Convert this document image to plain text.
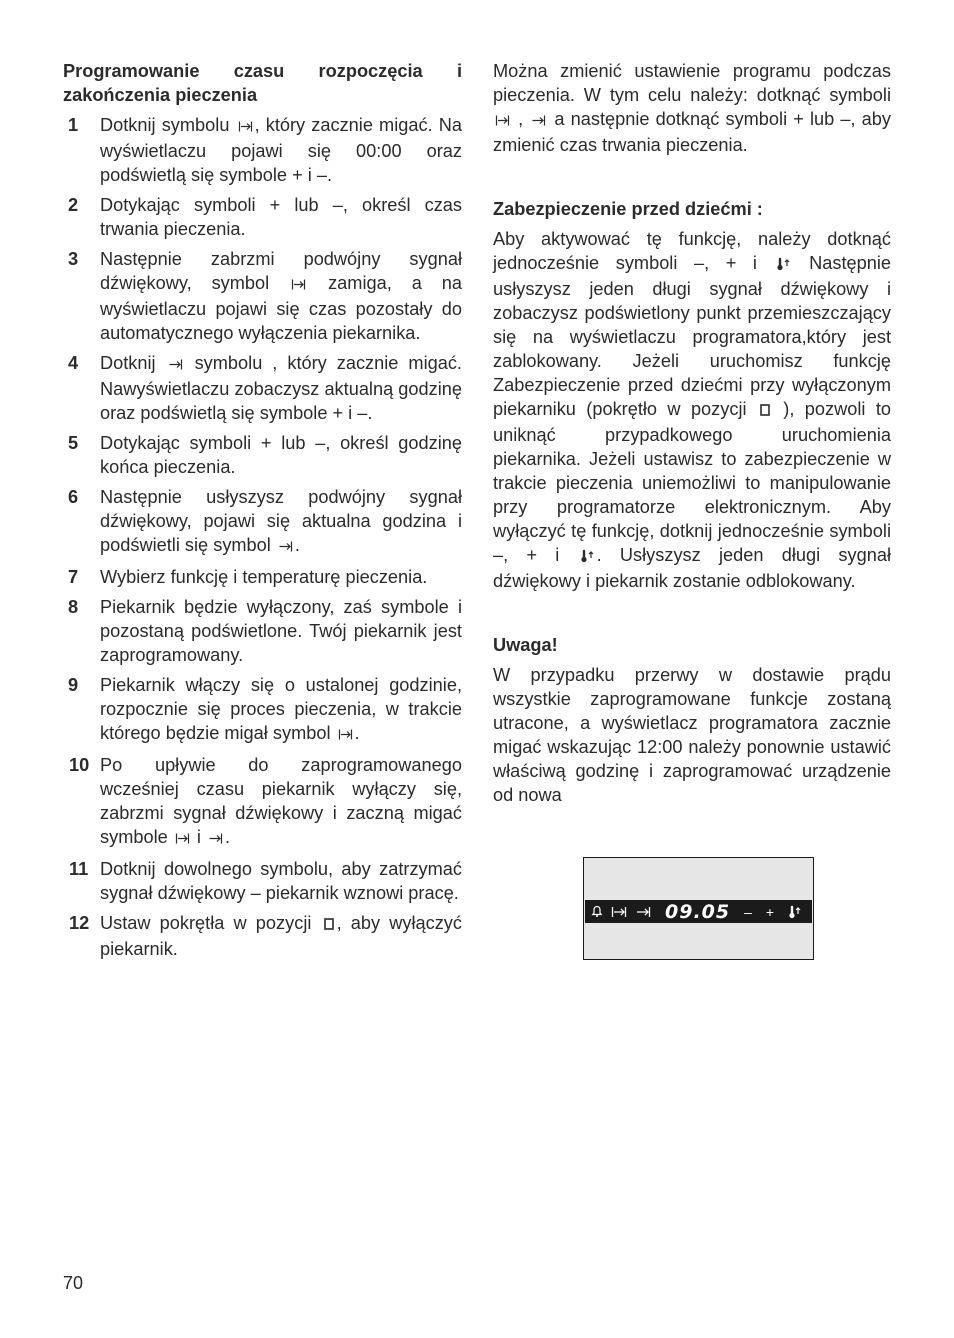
Programowanie czasu rozpoczęcia i zakończenia pieczenia

1 Dotknij symbolu , który zacznie migać. Na wyświetlaczu pojawi się 00:00 oraz podświetlą się symbole + i –.
2 Dotykając symboli + lub –, określ czas trwania pieczenia.
3 Następnie zabrzmi podwójny sygnał dźwiękowy, symbol  zamiga, a na wyświetlaczu pojawi się czas pozostały do automatycznego wyłączenia piekarnika.
4 Dotknij  symbolu , który zacznie migać. Nawyświetlaczu zobaczysz aktualną godzinę oraz podświetlą się symbole + i –.
5 Dotykając symboli + lub –, określ godzinę końca pieczenia.
6 Następnie usłyszysz podwójny sygnał dźwiękowy, pojawi się aktualna godzina i podświetli się symbol .
7 Wybierz funkcję i temperaturę pieczenia.
8 Piekarnik będzie wyłączony, zaś symbole i pozostaną podświetlone. Twój piekarnik jest zaprogramowany.
9 Piekarnik włączy się o ustalonej godzinie, rozpocznie się proces pieczenia, w trakcie którego będzie migał symbol .
10 Po upływie do zaprogramowanego wcześniej czasu piekarnik wyłączy się, zabrzmi sygnał dźwiękowy i zaczną migać symbole  i .
11 Dotknij dowolnego symbolu, aby zatrzymać sygnał dźwiękowy – piekarnik wznowi pracę.
12 Ustaw pokrętła w pozycji , aby wyłączyć piekarnik.

Można zmienić ustawienie programu podczas pieczenia. W tym celu należy: dotknąć symboli  ,  a następnie dotknąć symboli + lub –, aby zmienić czas trwania pieczenia.

Zabezpieczenie przed dziećmi :

Aby aktywować tę funkcję, należy dotknąć jednocześnie symboli –, + i  Następnie usłyszysz jeden długi sygnał dźwiękowy i zobaczysz podświetlony punkt przemieszczający się na wyświetlaczu programatora,który jest zablokowany. Jeżeli uruchomisz funkcję Zabezpieczenie przed dziećmi przy wyłączonym piekarniku (pokrętło w pozycji  ), pozwoli to uniknąć przypadkowego uruchomienia piekarnika. Jeżeli ustawisz to zabezpieczenie w trakcie pieczenia uniemożliwi to manipulowanie przy programatorze elektronicznym. Aby wyłączyć tę funkcję, dotknij jednocześnie symboli –, + i . Usłyszysz jeden długi sygnał dźwiękowy i piekarnik zostanie odblokowany.

Uwaga!

W przypadku przerwy w dostawie prądu wszystkie zaprogramowane funkcje zostaną utracone, a wyświetlacz programatora zacznie migać wskazując 12:00 należy ponownie ustawić właściwą godzinę i zaprogramować urządzenie od nowa

09.05 – +
70
